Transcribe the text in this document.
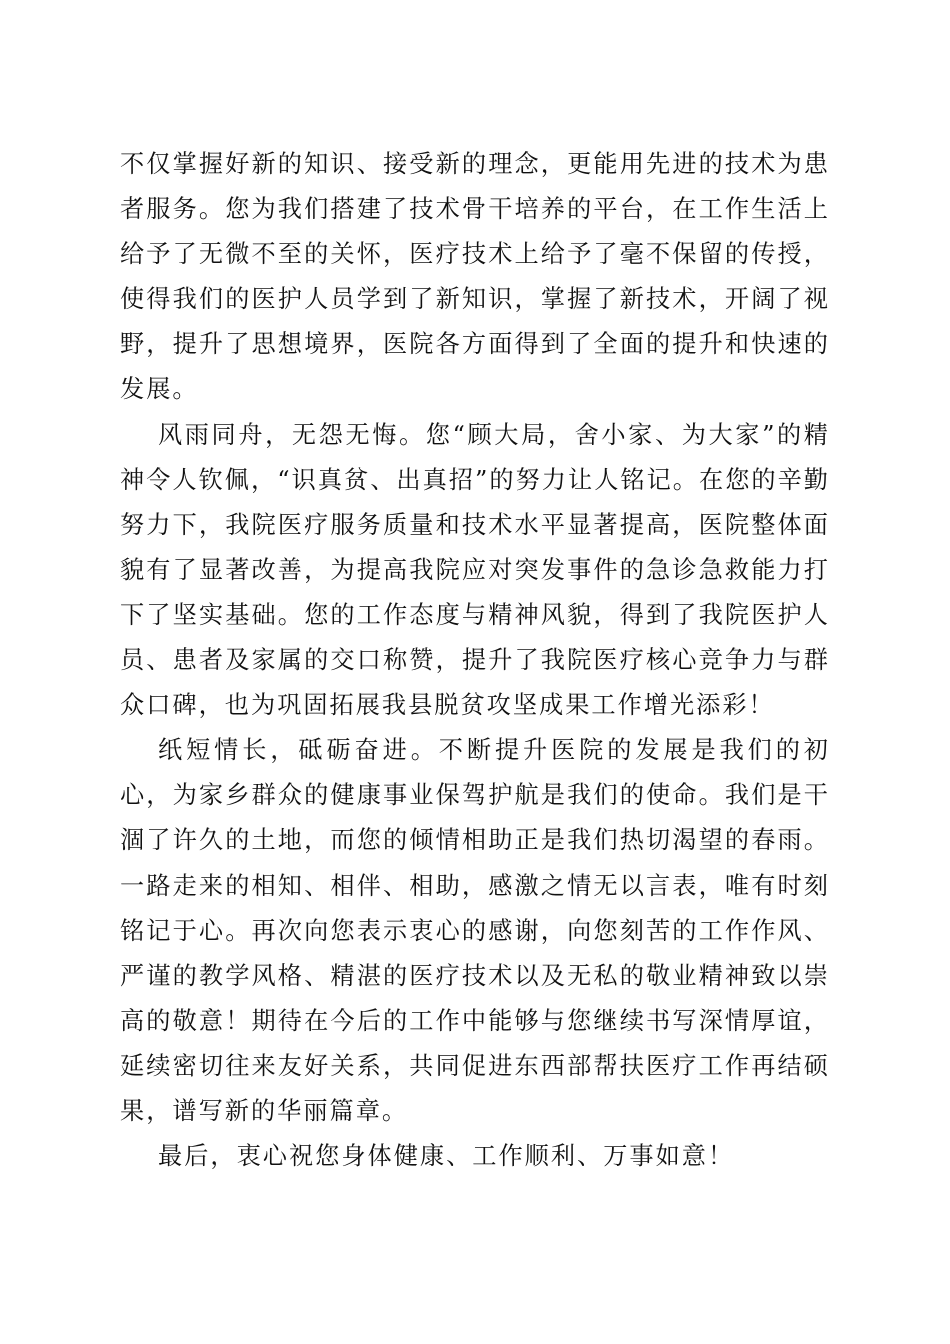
不仅掌握好新的知识、接受新的理念，更能用先进的技术为患者服务。您为我们搭建了技术骨干培养的平台，在工作生活上给予了无微不至的关怀，医疗技术上给予了毫不保留的传授，使得我们的医护人员学到了新知识，掌握了新技术，开阔了视野，提升了思想境界，医院各方面得到了全面的提升和快速的发展。

风雨同舟，无怨无悔。您“顾大局，舍小家、为大家”的精神令人钦佩，“识真贫、出真招”的努力让人铭记。在您的辛勤努力下，我院医疗服务质量和技术水平显著提高，医院整体面貌有了显著改善，为提高我院应对突发事件的急诊急救能力打下了坚实基础。您的工作态度与精神风貌，得到了我院医护人员、患者及家属的交口称赞，提升了我院医疗核心竞争力与群众口碑，也为巩固拓展我县脱贫攻坚成果工作增光添彩！

纸短情长，砥砺奋进。不断提升医院的发展是我们的初心，为家乡群众的健康事业保驾护航是我们的使命。我们是干涸了许久的土地，而您的倾情相助正是我们热切渴望的春雨。一路走来的相知、相伴、相助，感激之情无以言表，唯有时刻铭记于心。再次向您表示衷心的感谢，向您刻苦的工作作风、严谨的教学风格、精湛的医疗技术以及无私的敬业精神致以崇高的敬意！期待在今后的工作中能够与您继续书写深情厚谊，延续密切往来友好关系，共同促进东西部帮扶医疗工作再结硕果，谱写新的华丽篇章。

最后，衷心祝您身体健康、工作顺利、万事如意！
